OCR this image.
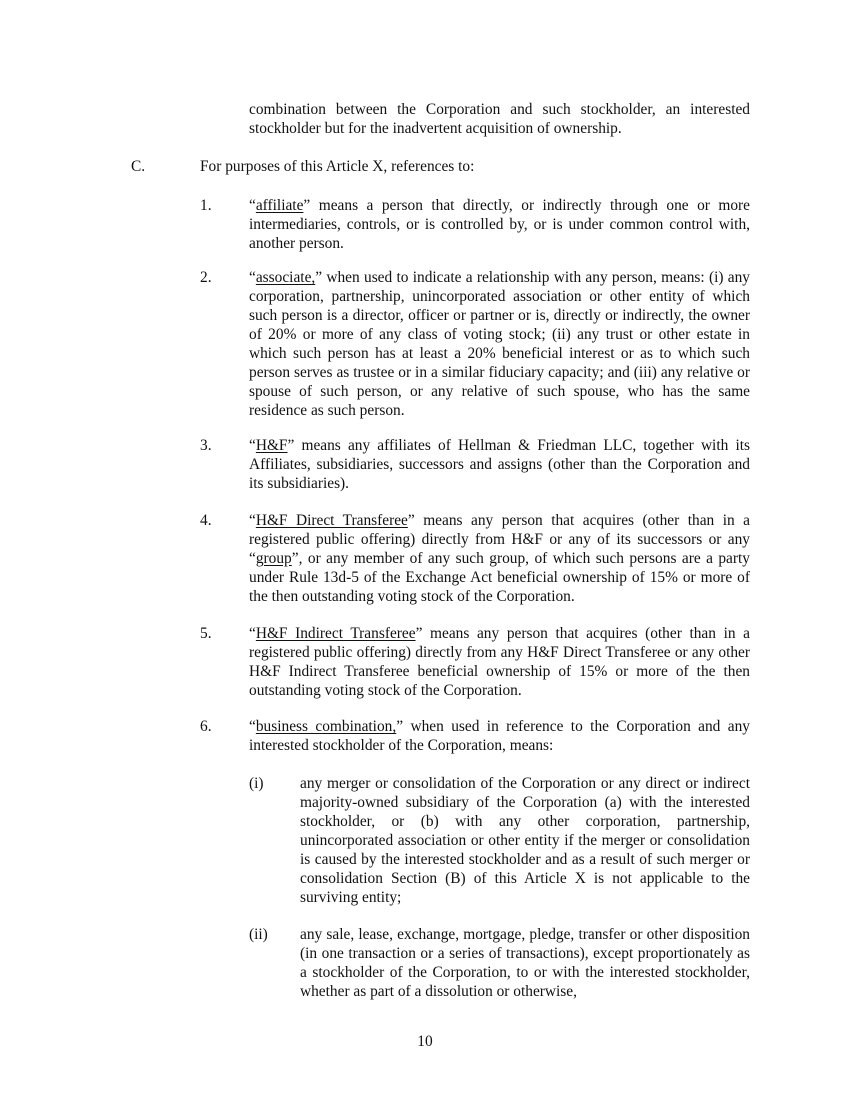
combination between the Corporation and such stockholder, an interested stockholder but for the inadvertent acquisition of ownership.

C.	For purposes of this Article X, references to:

1. “affiliate” means a person that directly, or indirectly through one or more intermediaries, controls, or is controlled by, or is under common control with, another person.

2. “associate,” when used to indicate a relationship with any person, means: (i) any corporation, partnership, unincorporated association or other entity of which such person is a director, officer or partner or is, directly or indirectly, the owner of 20% or more of any class of voting stock; (ii) any trust or other estate in which such person has at least a 20% beneficial interest or as to which such person serves as trustee or in a similar fiduciary capacity; and (iii) any relative or spouse of such person, or any relative of such spouse, who has the same residence as such person.

3. “H&F” means any affiliates of Hellman & Friedman LLC, together with its Affiliates, subsidiaries, successors and assigns (other than the Corporation and its subsidiaries).

4. “H&F Direct Transferee” means any person that acquires (other than in a registered public offering) directly from H&F or any of its successors or any “group”, or any member of any such group, of which such persons are a party under Rule 13d-5 of the Exchange Act beneficial ownership of 15% or more of the then outstanding voting stock of the Corporation.

5. “H&F Indirect Transferee” means any person that acquires (other than in a registered public offering) directly from any H&F Direct Transferee or any other H&F Indirect Transferee beneficial ownership of 15% or more of the then outstanding voting stock of the Corporation.

6. “business combination,” when used in reference to the Corporation and any interested stockholder of the Corporation, means:

(i) any merger or consolidation of the Corporation or any direct or indirect majority-owned subsidiary of the Corporation (a) with the interested stockholder, or (b) with any other corporation, partnership, unincorporated association or other entity if the merger or consolidation is caused by the interested stockholder and as a result of such merger or consolidation Section (B) of this Article X is not applicable to the surviving entity;

(ii) any sale, lease, exchange, mortgage, pledge, transfer or other disposition (in one transaction or a series of transactions), except proportionately as a stockholder of the Corporation, to or with the interested stockholder, whether as part of a dissolution or otherwise,

10
